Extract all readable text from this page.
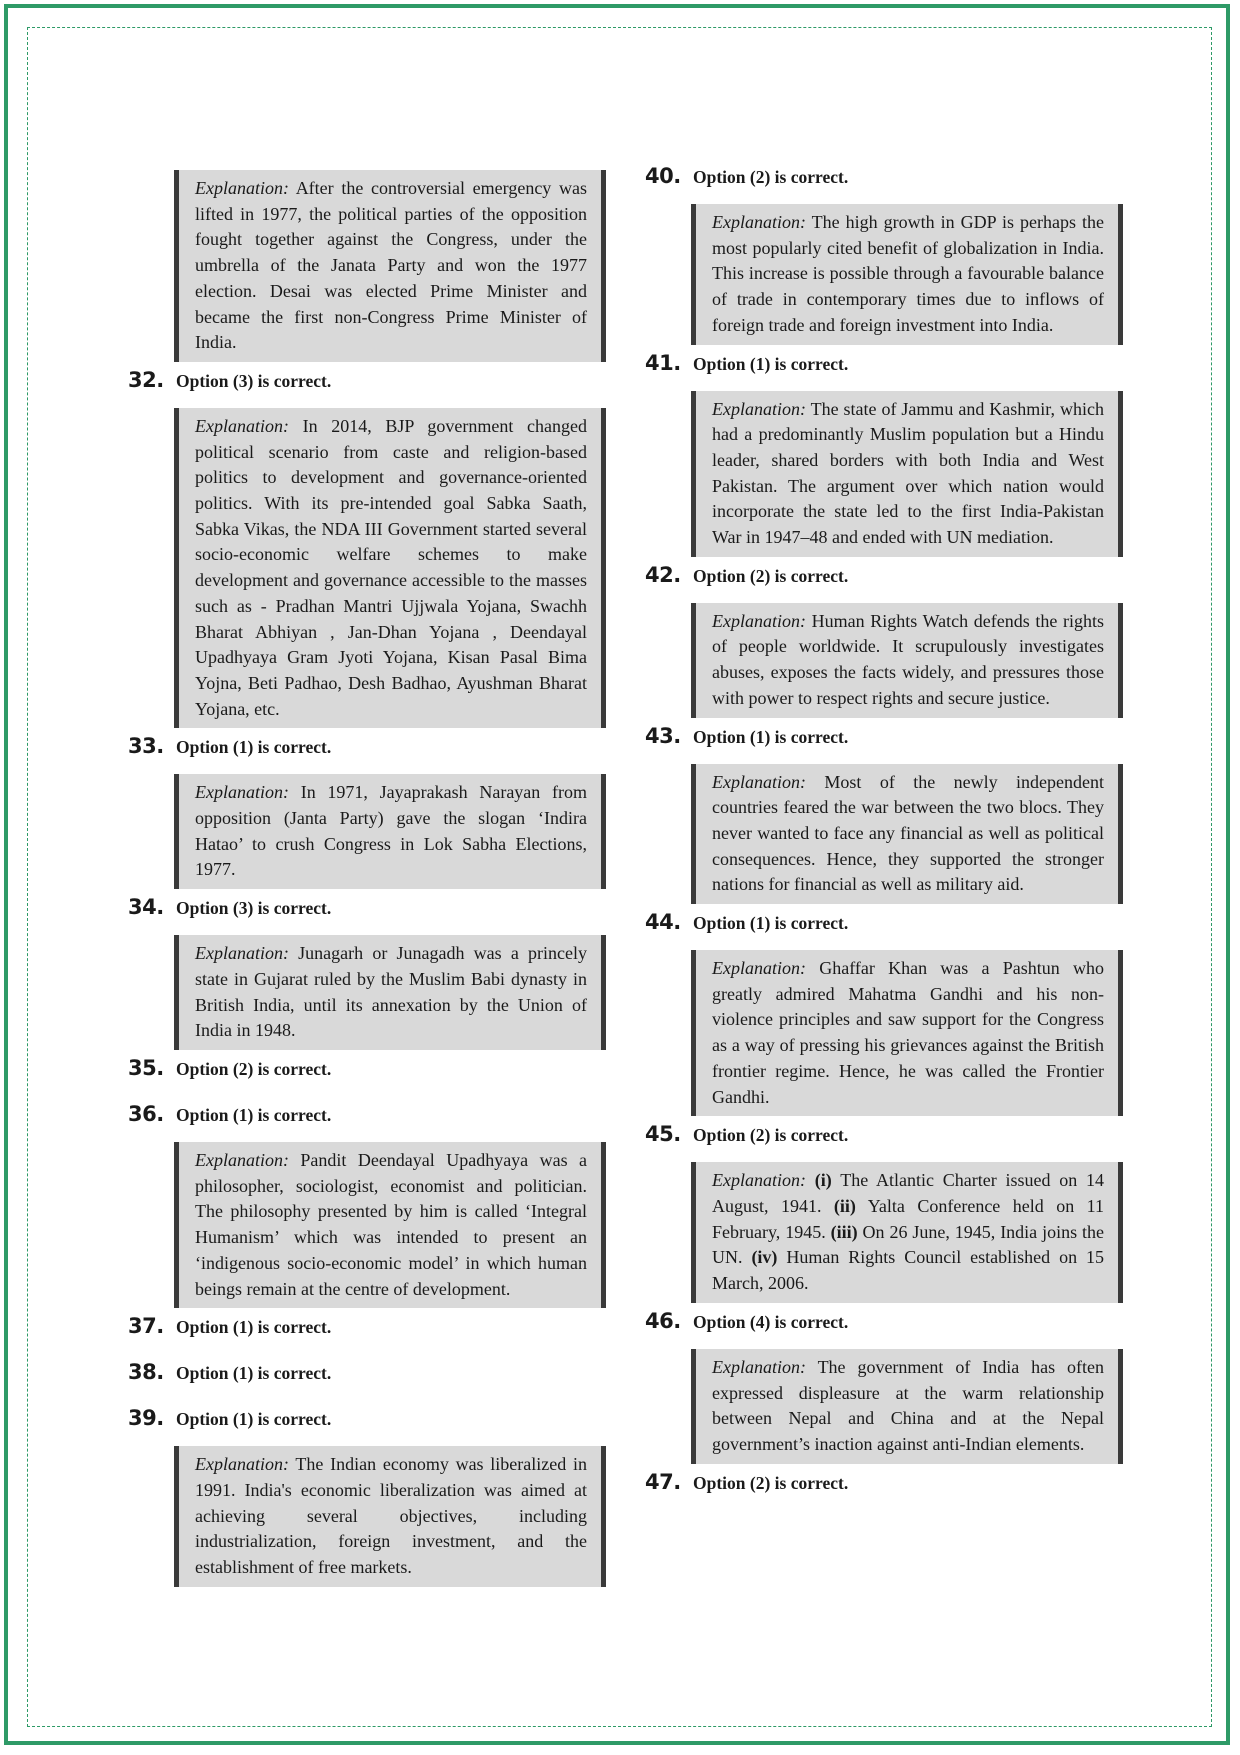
Explanation: After the controversial emergency was lifted in 1977, the political parties of the opposition fought together against the Congress, under the umbrella of the Janata Party and won the 1977 election. Desai was elected Prime Minister and became the first non-Congress Prime Minister of India.
32. Option (3) is correct.
Explanation: In 2014, BJP government changed political scenario from caste and religion-based politics to development and governance-oriented politics. With its pre-intended goal Sabka Saath, Sabka Vikas, the NDA III Government started several socio-economic welfare schemes to make development and governance accessible to the masses such as - Pradhan Mantri Ujjwala Yojana, Swachh Bharat Abhiyan , Jan-Dhan Yojana , Deendayal Upadhyaya Gram Jyoti Yojana, Kisan Pasal Bima Yojna, Beti Padhao, Desh Badhao, Ayushman Bharat Yojana, etc.
33. Option (1) is correct.
Explanation: In 1971, Jayaprakash Narayan from opposition (Janta Party) gave the slogan ‘Indira Hatao’ to crush Congress in Lok Sabha Elections, 1977.
34. Option (3) is correct.
Explanation: Junagarh or Junagadh was a princely state in Gujarat ruled by the Muslim Babi dynasty in British India, until its annexation by the Union of India in 1948.
35. Option (2) is correct.
36. Option (1) is correct.
Explanation: Pandit Deendayal Upadhyaya was a philosopher, sociologist, economist and politician. The philosophy presented by him is called ‘Integral Humanism’ which was intended to present an ‘indigenous socio-economic model’ in which human beings remain at the centre of development.
37. Option (1) is correct.
38. Option (1) is correct.
39. Option (1) is correct.
Explanation: The Indian economy was liberalized in 1991. India's economic liberalization was aimed at achieving several objectives, including industrialization, foreign investment, and the establishment of free markets.
40. Option (2) is correct.
Explanation: The high growth in GDP is perhaps the most popularly cited benefit of globalization in India. This increase is possible through a favourable balance of trade in contemporary times due to inflows of foreign trade and foreign investment into India.
41. Option (1) is correct.
Explanation: The state of Jammu and Kashmir, which had a predominantly Muslim population but a Hindu leader, shared borders with both India and West Pakistan. The argument over which nation would incorporate the state led to the first India-Pakistan War in 1947–48 and ended with UN mediation.
42. Option (2) is correct.
Explanation: Human Rights Watch defends the rights of people worldwide. It scrupulously investigates abuses, exposes the facts widely, and pressures those with power to respect rights and secure justice.
43. Option (1) is correct.
Explanation: Most of the newly independent countries feared the war between the two blocs. They never wanted to face any financial as well as political consequences. Hence, they supported the stronger nations for financial as well as military aid.
44. Option (1) is correct.
Explanation: Ghaffar Khan was a Pashtun who greatly admired Mahatma Gandhi and his non- violence principles and saw support for the Congress as a way of pressing his grievances against the British frontier regime. Hence, he was called the Frontier Gandhi.
45. Option (2) is correct.
Explanation: (i) The Atlantic Charter issued on 14 August, 1941. (ii) Yalta Conference held on 11 February, 1945. (iii) On 26 June, 1945, India joins the UN. (iv) Human Rights Council established on 15 March, 2006.
46. Option (4) is correct.
Explanation: The government of India has often expressed displeasure at the warm relationship between Nepal and China and at the Nepal government’s inaction against anti-Indian elements.
47. Option (2) is correct.
